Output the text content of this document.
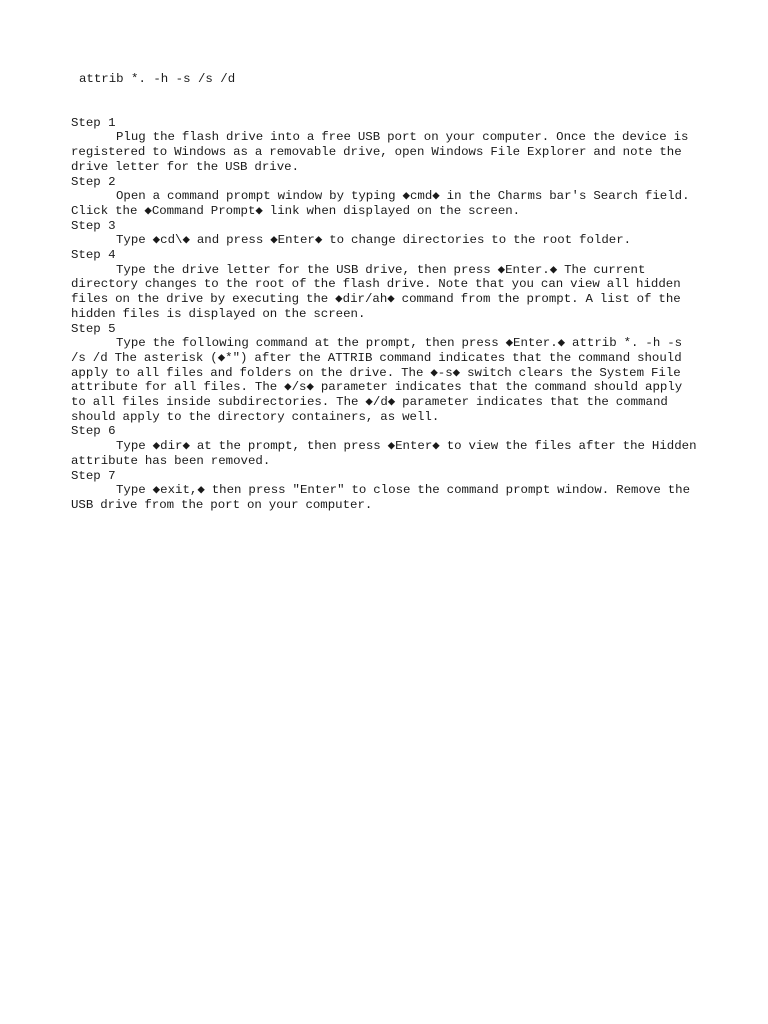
attrib *. -h -s /s /d
Step 1
Plug the flash drive into a free USB port on your computer. Once the device is registered to Windows as a removable drive, open Windows File Explorer and note the drive letter for the USB drive.
Step 2
Open a command prompt window by typing ◆cmd◆ in the Charms bar's Search field. Click the ◆Command Prompt◆ link when displayed on the screen.
Step 3
Type ◆cd\◆ and press ◆Enter◆ to change directories to the root folder.
Step 4
Type the drive letter for the USB drive, then press ◆Enter.◆ The current directory changes to the root of the flash drive. Note that you can view all hidden files on the drive by executing the ◆dir/ah◆ command from the prompt. A list of the hidden files is displayed on the screen.
Step 5
Type the following command at the prompt, then press ◆Enter.◆ attrib *. -h -s /s /d The asterisk (◆*") after the ATTRIB command indicates that the command should apply to all files and folders on the drive. The ◆-s◆ switch clears the System File attribute for all files. The ◆/s◆ parameter indicates that the command should apply to all files inside subdirectories. The ◆/d◆ parameter indicates that the command should apply to the directory containers, as well.
Step 6
Type ◆dir◆ at the prompt, then press ◆Enter◆ to view the files after the Hidden attribute has been removed.
Step 7
Type ◆exit,◆ then press "Enter" to close the command prompt window. Remove the USB drive from the port on your computer.
